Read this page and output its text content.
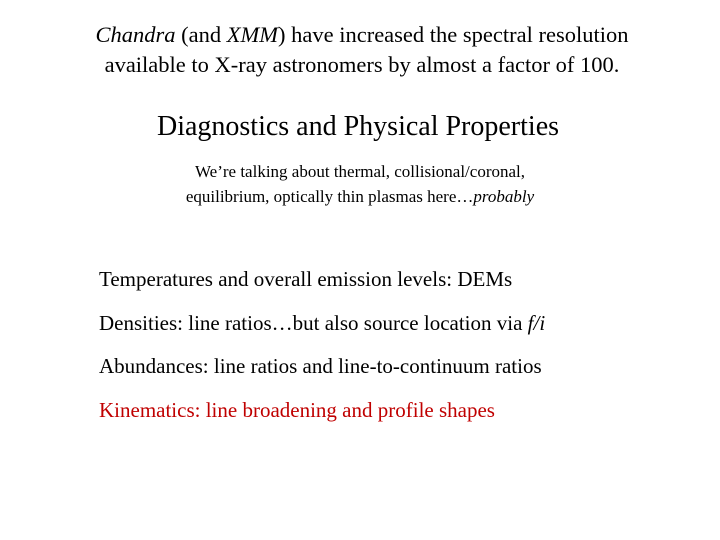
Chandra (and XMM) have increased the spectral resolution
available to X-ray astronomers by almost a factor of 100.
Diagnostics and Physical Properties
We’re talking about thermal, collisional/coronal,
equilibrium, optically thin plasmas here…probably
Temperatures and overall emission levels: DEMs
Densities: line ratios…but also source location via f/i
Abundances: line ratios and line-to-continuum ratios
Kinematics: line broadening and profile shapes
